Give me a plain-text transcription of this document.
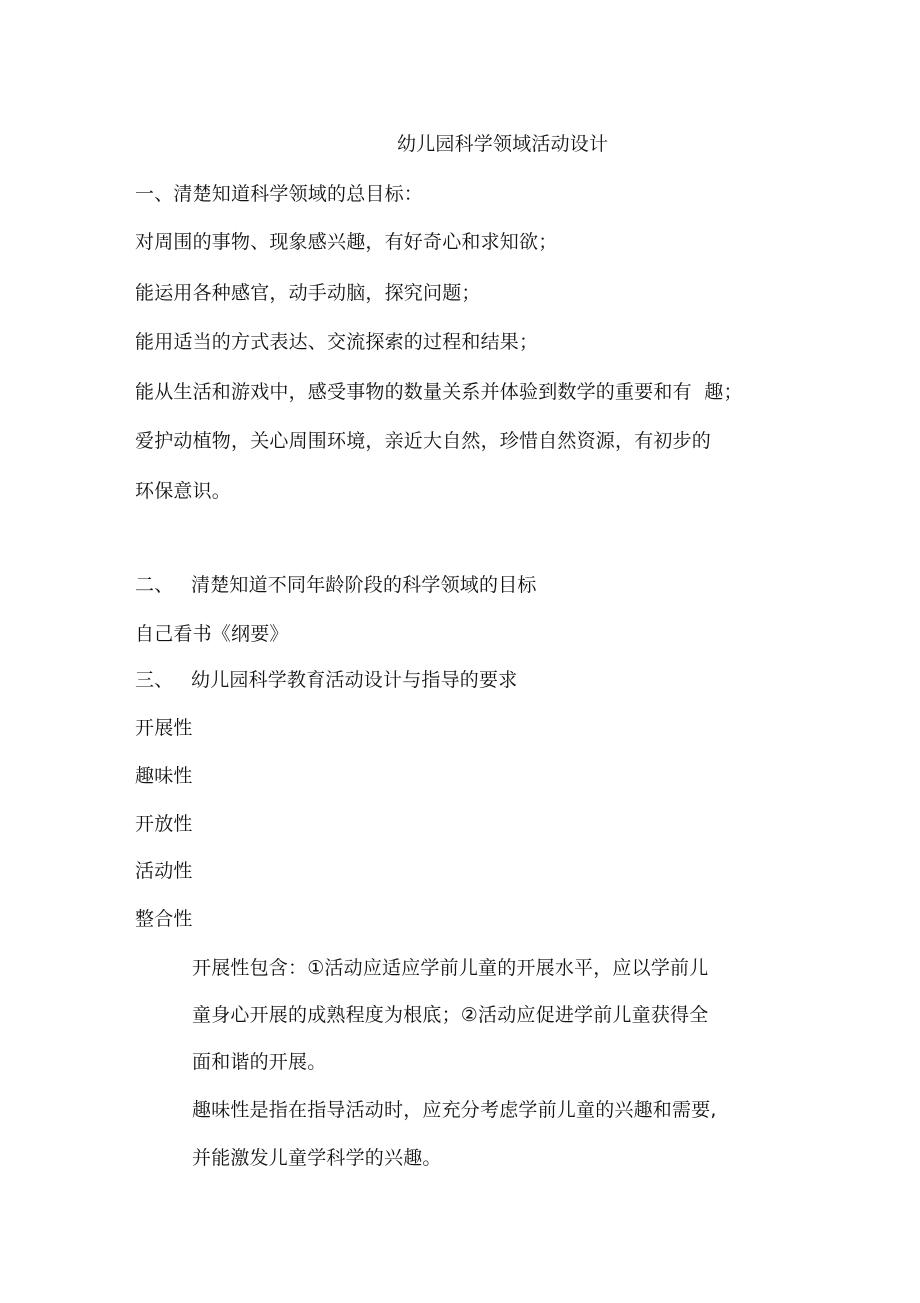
幼儿园科学领域活动设计
一、清楚知道科学领域的总目标：
对周围的事物、现象感兴趣，有好奇心和求知欲；
能运用各种感官，动手动脑，探究问题；
能用适当的方式表达、交流探索的过程和结果；
能从生活和游戏中，感受事物的数量关系并体验到数学的重要和有  趣；
爱护动植物，关心周围环境，亲近大自然，珍惜自然资源，有初步的
环保意识。
二、 清楚知道不同年龄阶段的科学领域的目标
自己看书《纲要》
三、 幼儿园科学教育活动设计与指导的要求
开展性
趣味性
开放性
活动性
整合性
开展性包含：①活动应适应学前儿童的开展水平，应以学前儿
童身心开展的成熟程度为根底；②活动应促进学前儿童获得全
面和谐的开展。
趣味性是指在指导活动时，应充分考虑学前儿童的兴趣和需要,
并能激发儿童学科学的兴趣。
